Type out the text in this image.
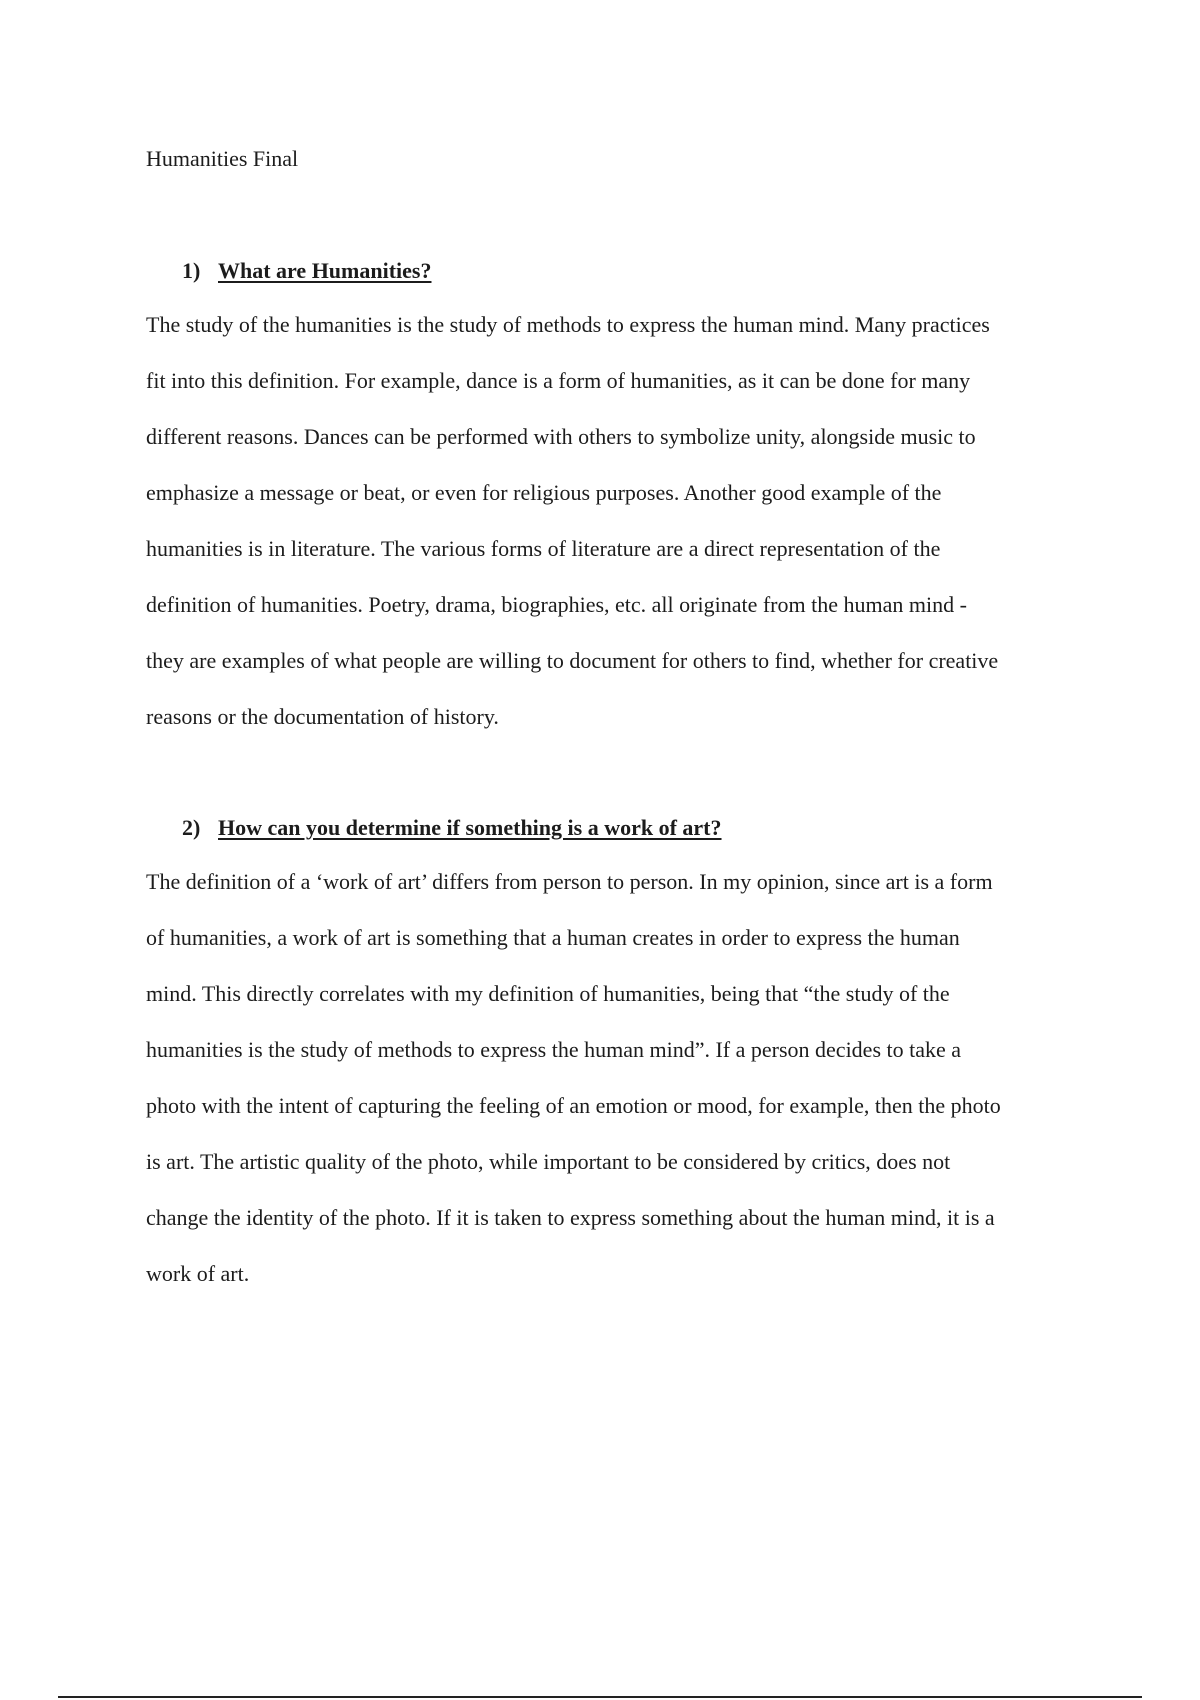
Humanities Final
1) What are Humanities?
The study of the humanities is the study of methods to express the human mind. Many practices
fit into this definition. For example, dance is a form of humanities, as it can be done for many
different reasons. Dances can be performed with others to symbolize unity, alongside music to
emphasize a message or beat, or even for religious purposes. Another good example of the
humanities is in literature. The various forms of literature are a direct representation of the
definition of humanities. Poetry, drama, biographies, etc. all originate from the human mind -
they are examples of what people are willing to document for others to find, whether for creative
reasons or the documentation of history.
2) How can you determine if something is a work of art?
The definition of a ‘work of art’ differs from person to person. In my opinion, since art is a form
of humanities, a work of art is something that a human creates in order to express the human
mind. This directly correlates with my definition of humanities, being that “the study of the
humanities is the study of methods to express the human mind”. If a person decides to take a
photo with the intent of capturing the feeling of an emotion or mood, for example, then the photo
is art. The artistic quality of the photo, while important to be considered by critics, does not
change the identity of the photo. If it is taken to express something about the human mind, it is a
work of art.
